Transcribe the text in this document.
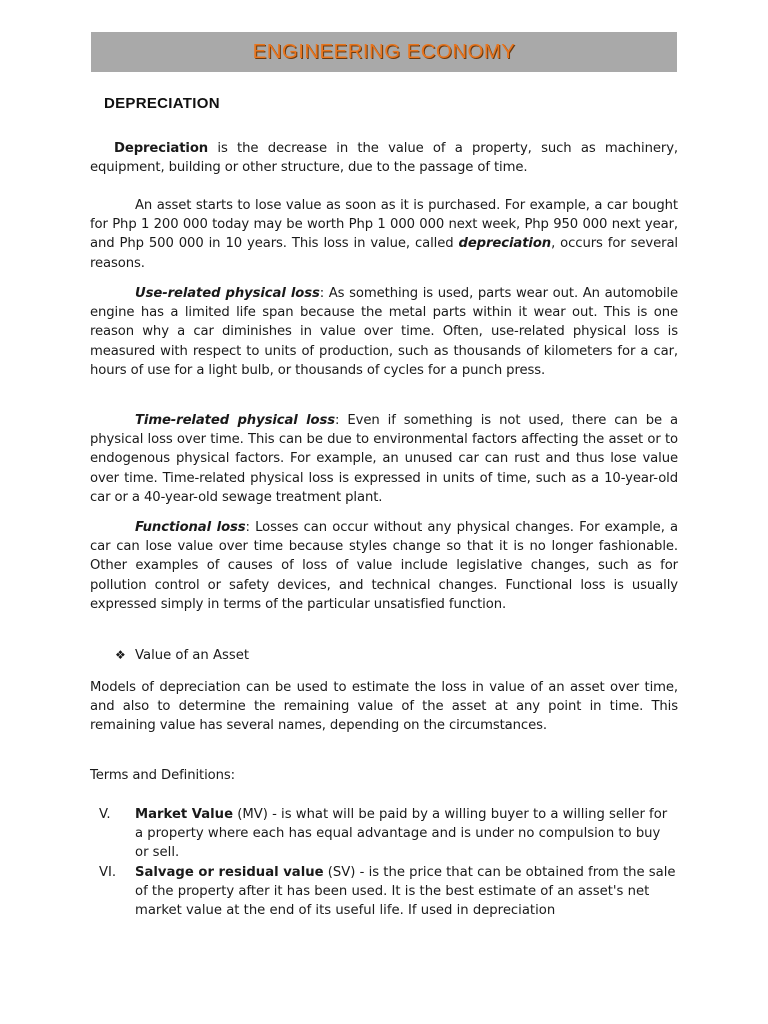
ENGINEERING ECONOMY
DEPRECIATION

Depreciation is the decrease in the value of a property, such as machinery, equipment, building or other structure, due to the passage of time.

An asset starts to lose value as soon as it is purchased. For example, a car bought for Php 1 200 000 today may be worth Php 1 000 000 next week, Php 950 000 next year, and Php 500 000 in 10 years. This loss in value, called depreciation, occurs for several reasons.

Use-related physical loss: As something is used, parts wear out. An automobile engine has a limited life span because the metal parts within it wear out. This is one reason why a car diminishes in value over time. Often, use-related physical loss is measured with respect to units of production, such as thousands of kilometers for a car, hours of use for a light bulb, or thousands of cycles for a punch press.

Time-related physical loss: Even if something is not used, there can be a physical loss over time. This can be due to environmental factors affecting the asset or to endogenous physical factors. For example, an unused car can rust and thus lose value over time. Time-related physical loss is expressed in units of time, such as a 10-year-old car or a 40-year-old sewage treatment plant.

Functional loss: Losses can occur without any physical changes. For example, a car can lose value over time because styles change so that it is no longer fashionable. Other examples of causes of loss of value include legislative changes, such as for pollution control or safety devices, and technical changes. Functional loss is usually expressed simply in terms of the particular unsatisfied function.

❖ Value of an Asset

Models of depreciation can be used to estimate the loss in value of an asset over time, and also to determine the remaining value of the asset at any point in time. This remaining value has several names, depending on the circumstances.

Terms and Definitions:

V.	Market Value (MV) - is what will be paid by a willing buyer to a willing seller for a property where each has equal advantage and is under no compulsion to buy or sell.
VI.	Salvage or residual value (SV) - is the price that can be obtained from the sale of the property after it has been used. It is the best estimate of an asset's net market value at the end of its useful life. If used in depreciation
